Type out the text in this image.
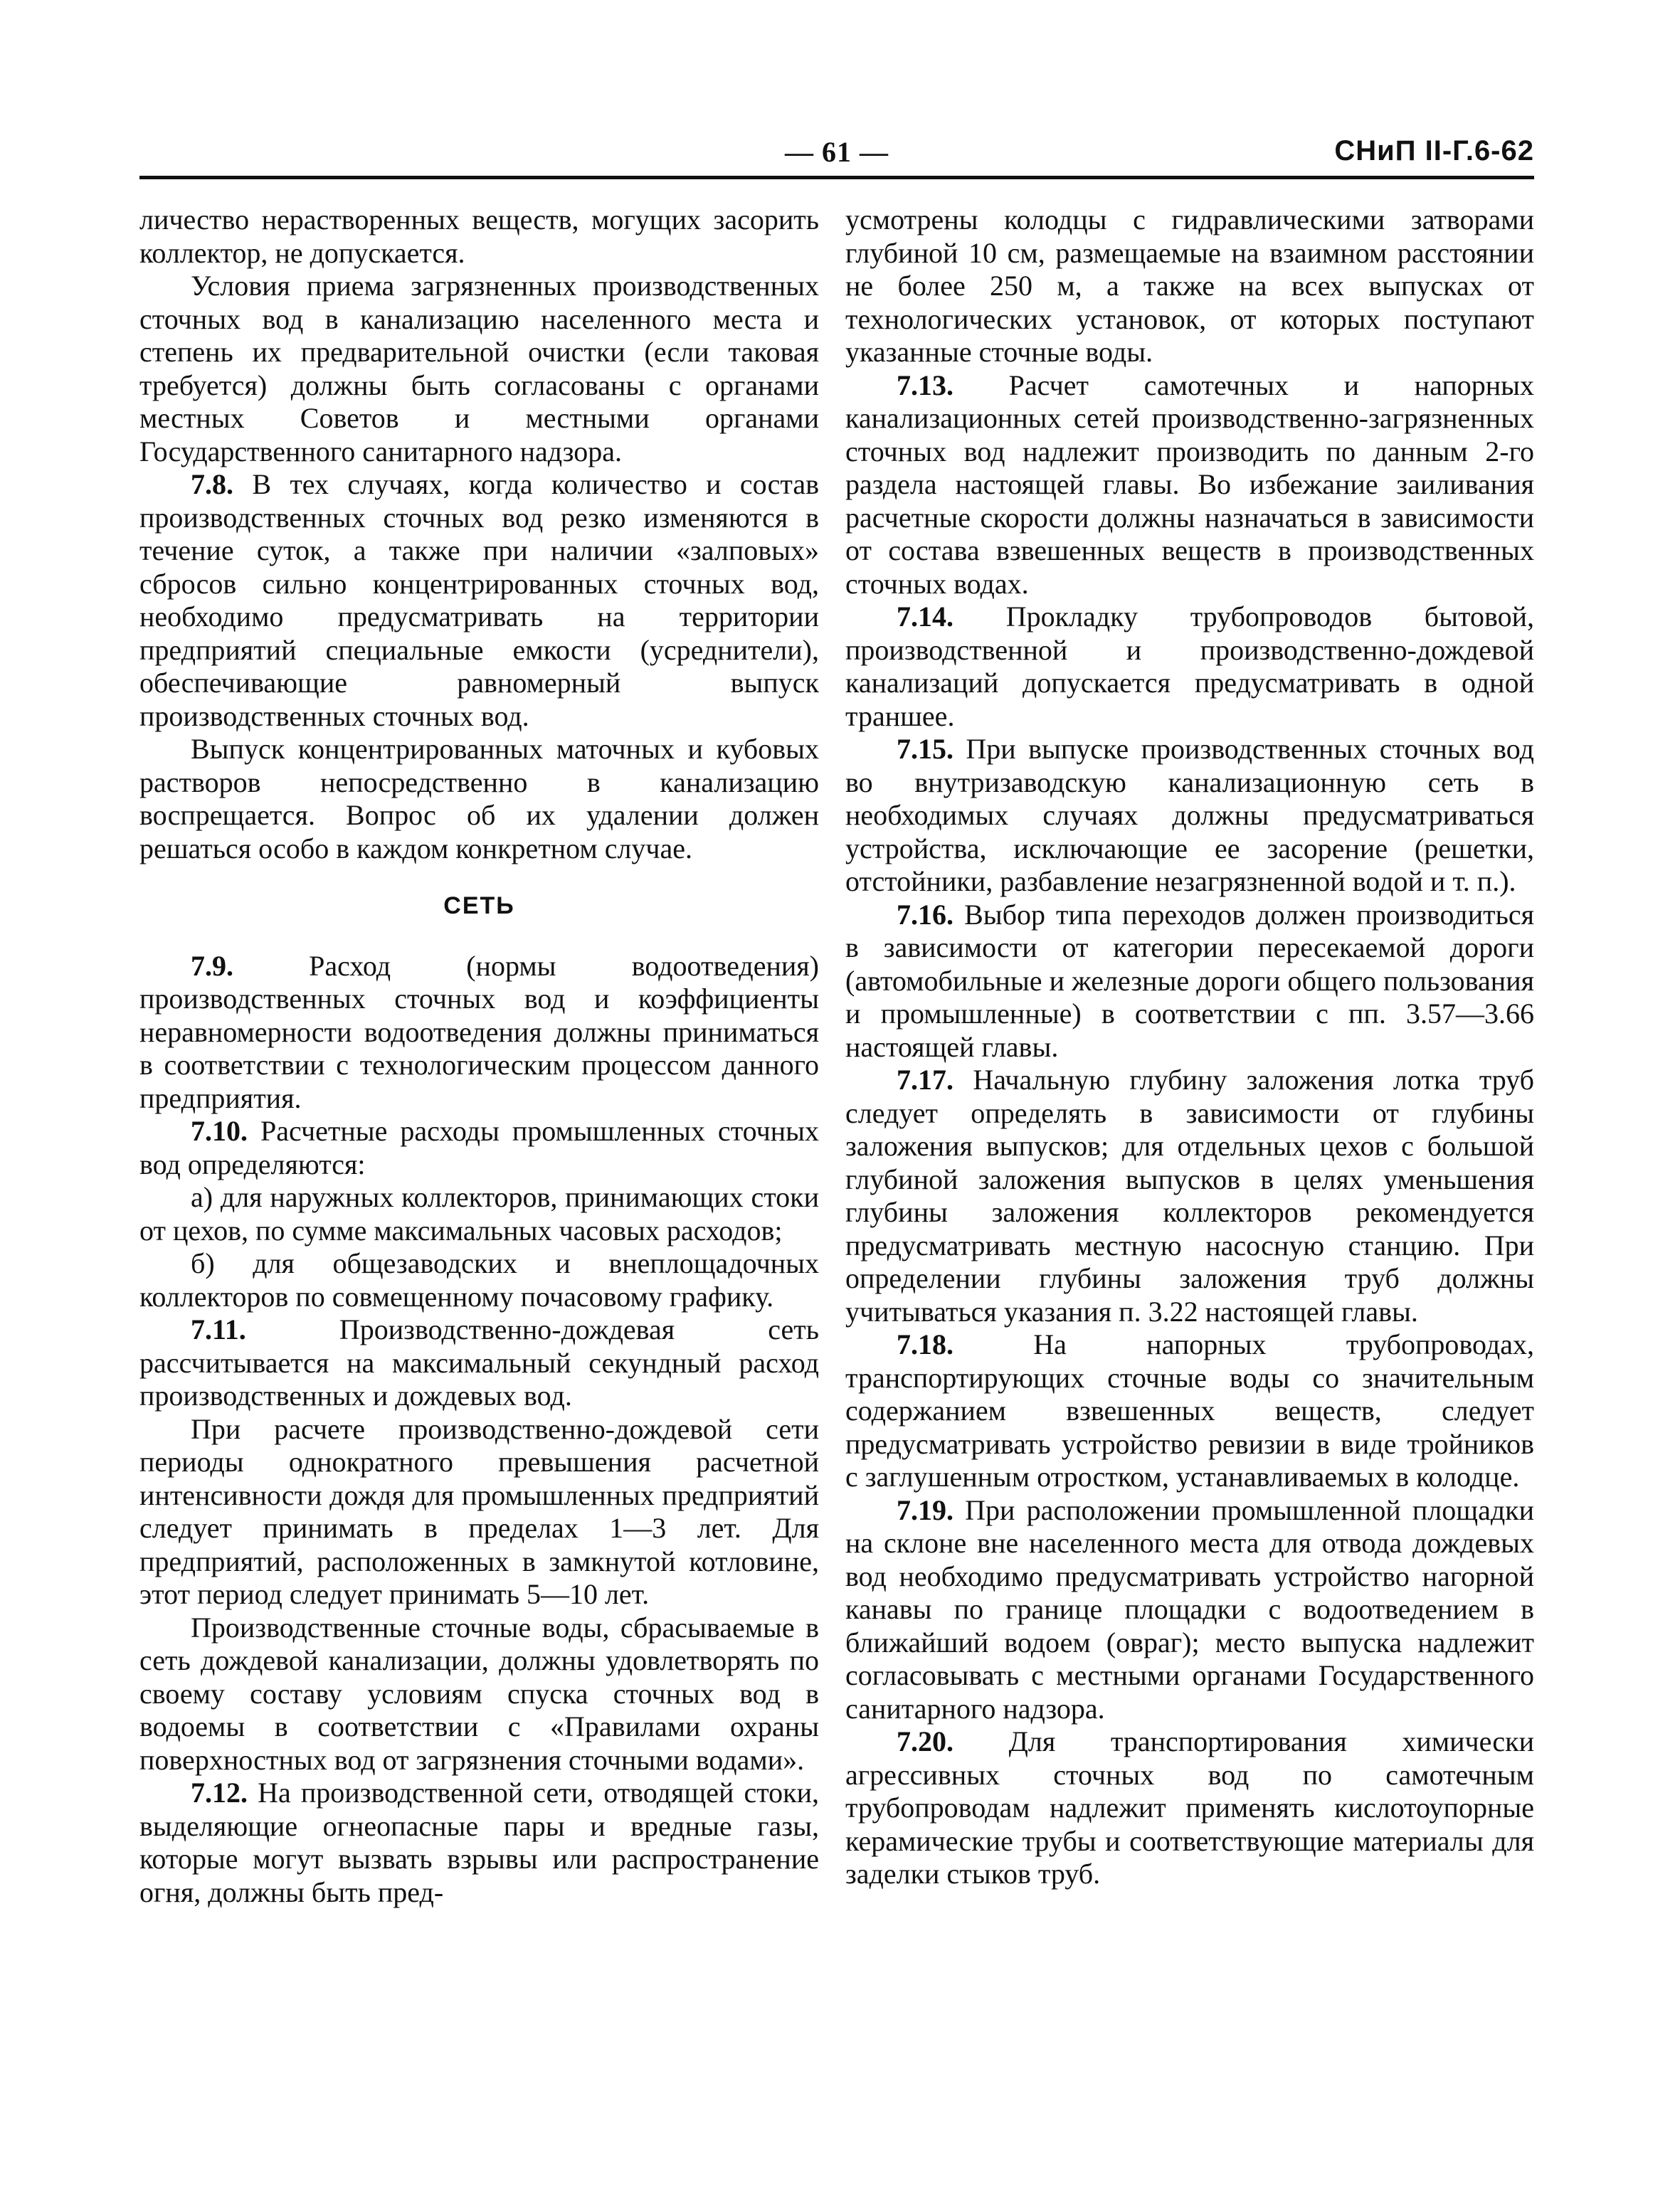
— 61 —	СНиП II-Г.6-62

личество нерастворенных веществ, могущих засорить коллектор, не допускается.

Условия приема загрязненных производственных сточных вод в канализацию населенного места и степень их предварительной очистки (если таковая требуется) должны быть согласованы с органами местных Советов и местными органами Государственного санитарного надзора.

7.8. В тех случаях, когда количество и состав производственных сточных вод резко изменяются в течение суток, а также при наличии «залповых» сбросов сильно концентрированных сточных вод, необходимо предусматривать на территории предприятий специальные емкости (усреднители), обеспечивающие равномерный выпуск производственных сточных вод.

Выпуск концентрированных маточных и кубовых растворов непосредственно в канализацию воспрещается. Вопрос об их удалении должен решаться особо в каждом конкретном случае.

СЕТЬ

7.9.	Расход (нормы водоотведения) производственных сточных вод и коэффициенты неравномерности водоотведения должны приниматься в соответствии с технологическим процессом данного предприятия.

7.10. Расчетные расходы промышленных сточных вод определяются:

а) для наружных коллекторов, принимающих стоки от цехов, по сумме максимальных часовых расходов;

б) для общезаводских и внеплощадочных коллекторов по совмещенному почасовому графику.

7.11.	Производственно-дождевая сеть рассчитывается на максимальный секундный расход производственных и дождевых вод.

При расчете производственно-дождевой сети периоды однократного превышения расчетной интенсивности дождя для промышленных предприятий следует принимать в пределах 1—3 лет. Для предприятий, расположенных в замкнутой котловине, этот период следует принимать 5—10 лет.

Производственные сточные воды, сбрасываемые в сеть дождевой канализации, должны удовлетворять по своему составу условиям спуска сточных вод в водоемы в соответствии с «Правилами охраны поверхностных вод от загрязнения сточными водами».

7.12. На производственной сети, отводящей стоки, выделяющие огнеопасные пары и вредные газы, которые могут вызвать взрывы или распространение огня, должны быть пред-

усмотрены колодцы с гидравлическими затворами глубиной 10 см, размещаемые на взаимном расстоянии не более 250 м, а также на всех выпусках от технологических установок, от которых поступают указанные сточные воды.

7.13. Расчет самотечных и напорных канализационных сетей производственно-загрязненных сточных вод надлежит производить по данным 2-го раздела настоящей главы. Во избежание заиливания расчетные скорости должны назначаться в зависимости от состава взвешенных веществ в производственных сточных водах.

7.14. Прокладку трубопроводов бытовой, производственной и производственно-дождевой канализаций допускается предусматривать в одной траншее.

7.15. При выпуске производственных сточных вод во внутризаводскую канализационную сеть в необходимых случаях должны предусматриваться устройства, исключающие ее засорение (решетки, отстойники, разбавление незагрязненной водой и т. п.).

7.16. Выбор типа переходов должен производиться в зависимости от категории пересекаемой дороги (автомобильные и железные дороги общего пользования и промышленные) в соответствии с пп. 3.57—3.66 настоящей главы.

7.17. Начальную глубину заложения лотка труб следует определять в зависимости от глубины заложения выпусков; для отдельных цехов с большой глубиной заложения выпусков в целях уменьшения глубины заложения коллекторов рекомендуется предусматривать местную насосную станцию. При определении глубины заложения труб должны учитываться указания п. 3.22 настоящей главы.

7.18.	На напорных трубопроводах, транспортирующих сточные воды со значительным содержанием взвешенных веществ, следует предусматривать устройство ревизии в виде тройников с заглушенным отростком, устанавливаемых в колодце.

7.19. При расположении промышленной площадки на склоне вне населенного места для отвода дождевых вод необходимо предусматривать устройство нагорной канавы по границе площадки с водоотведением в ближайший водоем (овраг); место выпуска надлежит согласовывать с местными органами Государственного санитарного надзора.

7.20. Для транспортирования химически агрессивных сточных вод по самотечным трубопроводам надлежит применять кислотоупорные керамические трубы и соответствующие материалы для заделки стыков труб.
